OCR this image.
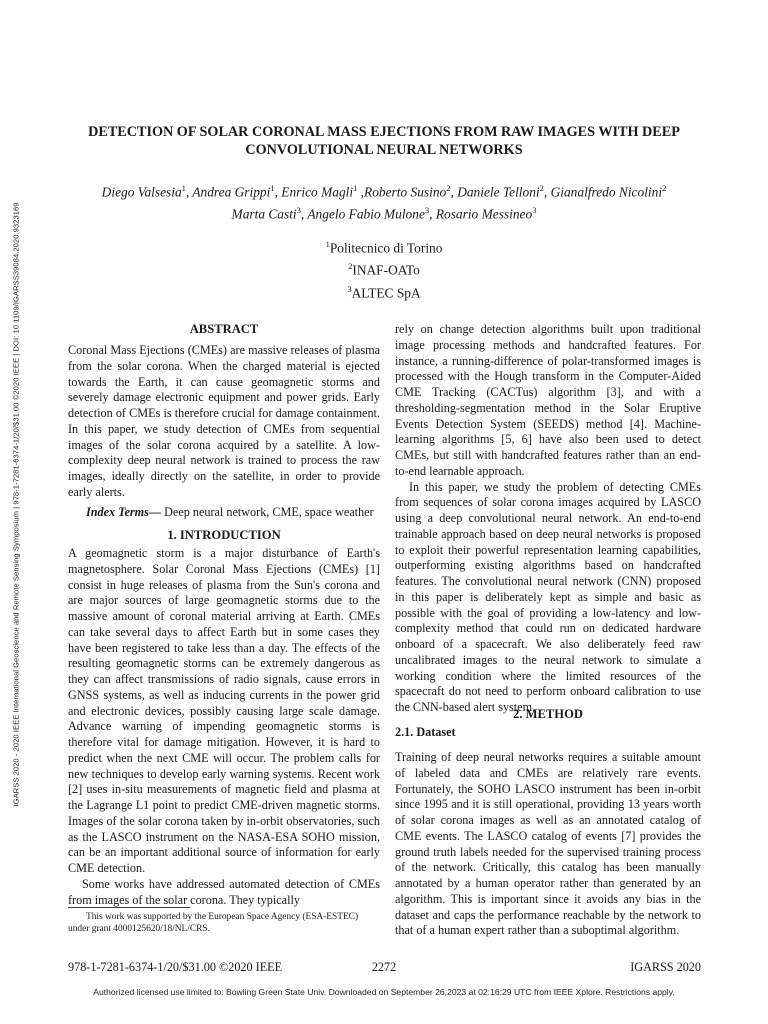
IGARSS 2020 - 2020 IEEE International Geoscience and Remote Sensing Symposium | 978-1-7281-6374-1/20/$31.00 ©2020 IEEE | DOI: 10.1109/IGARSS39084.2020.9323169
DETECTION OF SOLAR CORONAL MASS EJECTIONS FROM RAW IMAGES WITH DEEP
CONVOLUTIONAL NEURAL NETWORKS
Diego Valsesia$^1$, Andrea Grippi$^1$, Enrico Magli$^1$ ,Roberto Susino$^2$, Daniele Telloni$^2$, Gianalfredo Nicolini$^2$
Marta Casti$^3$, Angelo Fabio Mulone$^3$, Rosario Messineo$^3$
$^1$Politecnico di Torino
$^2$INAF-OATo
$^3$ALTEC SpA
ABSTRACT

Coronal Mass Ejections (CMEs) are massive releases of plasma from the solar corona. When the charged material is ejected towards the Earth, it can cause geomagnetic storms and severely damage electronic equipment and power grids. Early detection of CMEs is therefore crucial for damage containment. In this paper, we study detection of CMEs from sequential images of the solar corona acquired by a satellite. A low-complexity deep neural network is trained to process the raw images, ideally directly on the satellite, in order to provide early alerts.

Index Terms— Deep neural network, CME, space weather
1. INTRODUCTION

A geomagnetic storm is a major disturbance of Earth's magnetosphere. Solar Coronal Mass Ejections (CMEs) [1] consist in huge releases of plasma from the Sun's corona and are major sources of large geomagnetic storms due to the massive amount of coronal material arriving at Earth. CMEs can take several days to affect Earth but in some cases they have been registered to take less than a day. The effects of the resulting geomagnetic storms can be extremely dangerous as they can affect transmissions of radio signals, cause errors in GNSS systems, as well as inducing currents in the power grid and electronic devices, possibly causing large scale damage. Advance warning of impending geomagnetic storms is therefore vital for damage mitigation. However, it is hard to predict when the next CME will occur. The problem calls for new techniques to develop early warning systems. Recent work [2] uses in-situ measurements of magnetic field and plasma at the Lagrange L1 point to predict CME-driven magnetic storms. Images of the solar corona taken by in-orbit observatories, such as the LASCO instrument on the NASA-ESA SOHO mission, can be an important additional source of information for early CME detection.

Some works have addressed automated detection of CMEs from images of the solar corona. They typically

This work was supported by the European Space Agency (ESA-ESTEC) under grant 4000125620/18/NL/CRS.

rely on change detection algorithms built upon traditional image processing methods and handcrafted features. For instance, a running-difference of polar-transformed images is processed with the Hough transform in the Computer-Aided CME Tracking (CACTus) algorithm [3], and with a thresholding-segmentation method in the Solar Eruptive Events Detection System (SEEDS) method [4]. Machine-learning algorithms [5, 6] have also been used to detect CMEs, but still with handcrafted features rather than an end-to-end learnable approach.

In this paper, we study the problem of detecting CMEs from sequences of solar corona images acquired by LASCO using a deep convolutional neural network. An end-to-end trainable approach based on deep neural networks is proposed to exploit their powerful representation learning capabilities, outperforming existing algorithms based on handcrafted features. The convolutional neural network (CNN) proposed in this paper is deliberately kept as simple and basic as possible with the goal of providing a low-latency and low-complexity method that could run on dedicated hardware onboard of a spacecraft. We also deliberately feed raw uncalibrated images to the neural network to simulate a working condition where the limited resources of the spacecraft do not need to perform onboard calibration to use the CNN-based alert system.

2. METHOD
2.1. Dataset

Training of deep neural networks requires a suitable amount of labeled data and CMEs are relatively rare events. Fortunately, the SOHO LASCO instrument has been in-orbit since 1995 and it is still operational, providing 13 years worth of solar corona images as well as an annotated catalog of CME events. The LASCO catalog of events [7] provides the ground truth labels needed for the supervised training process of the network. Critically, this catalog has been manually annotated by a human operator rather than generated by an algorithm. This is important since it avoids any bias in the dataset and caps the performance reachable by the network to that of a human expert rather than a suboptimal algorithm.

978-1-7281-6374-1/20/$31.00 ©2020 IEEE	2272	IGARSS 2020
Authorized licensed use limited to: Bowling Green State Univ. Downloaded on September 26,2023 at 02:16:29 UTC from IEEE Xplore. Restrictions apply.
